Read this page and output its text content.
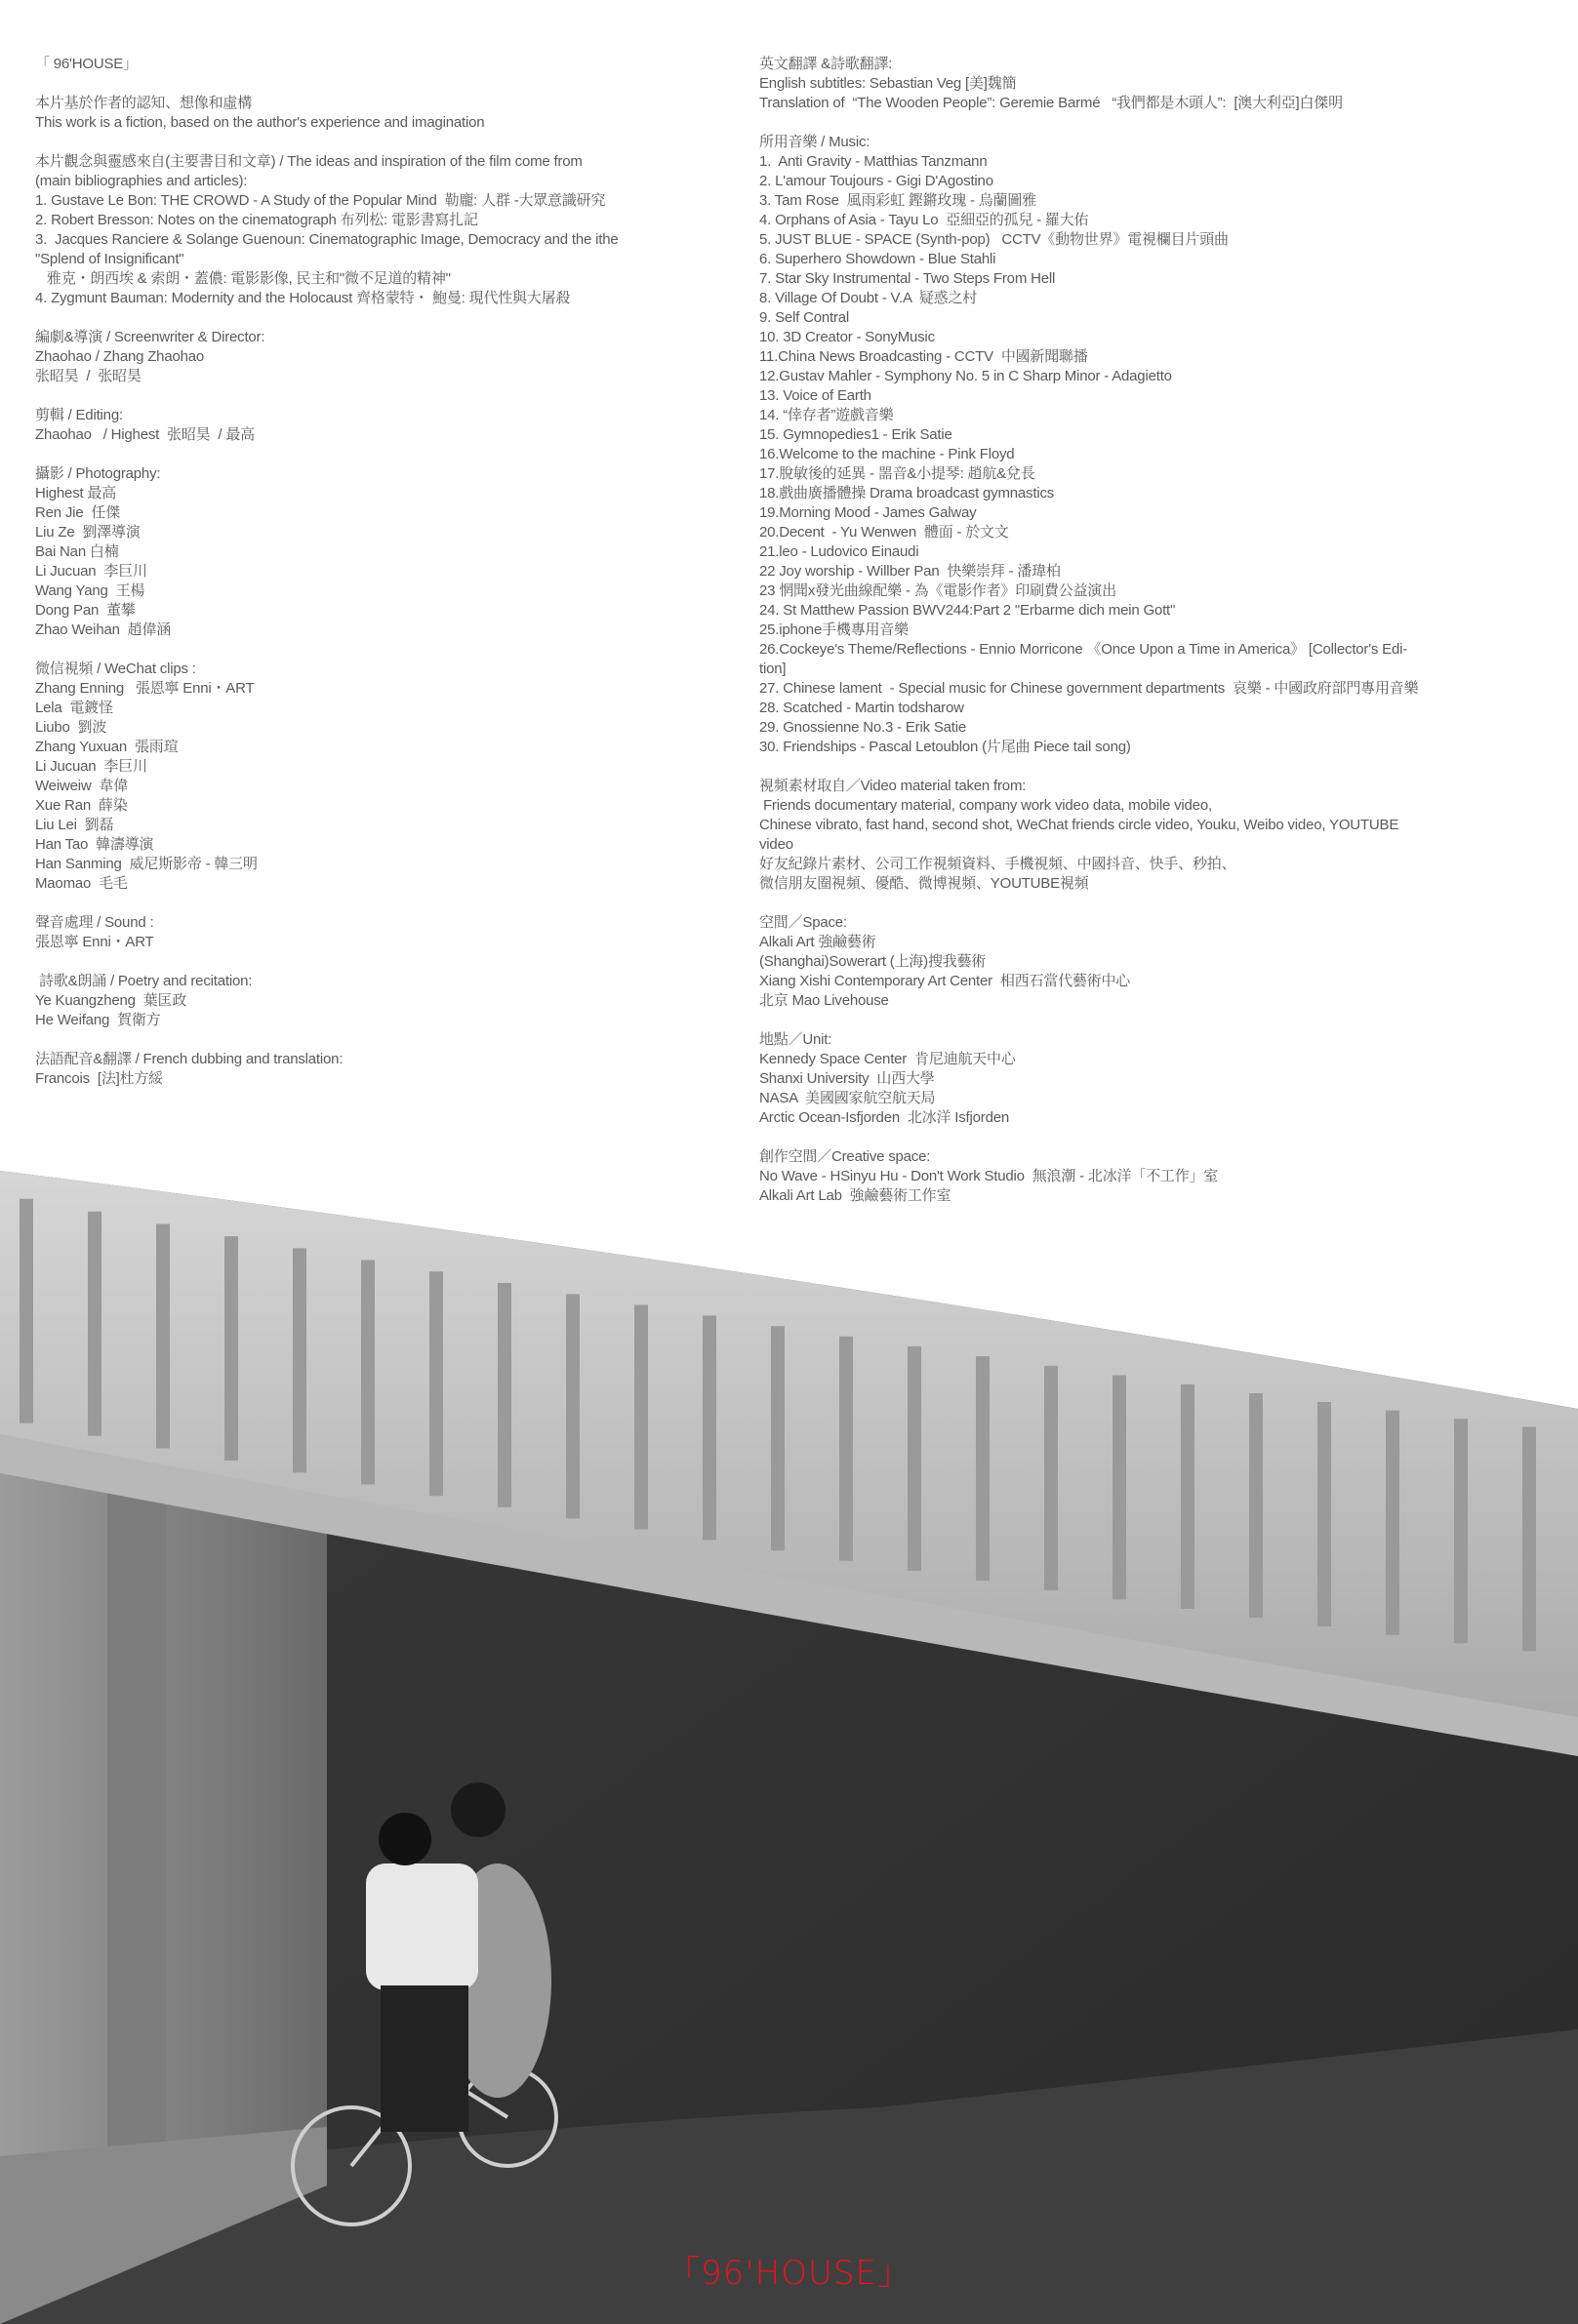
「 96'HOUSE」
本片基於作者的認知、想像和虛構
This work is a fiction, based on the author's experience and imagination
本片觀念與靈感來自(主要書目和文章) / The ideas and inspiration of the film come from
(main bibliographies and articles):
1. Gustave Le Bon: THE CROWD - A Study of the Popular Mind  勒龐: 人群 -大眾意識研究
2. Robert Bresson: Notes on the cinematograph 布列松: 電影書寫扎記
3.  Jacques Ranciere & Solange Guenoun: Cinematographic Image, Democracy and the ithe
"Splend of Insignificant"
雅克・朗西埃 & 索朗・蓋儂: 電影影像, 民主和"微不足道的精神"
4. Zygmunt Bauman: Modernity and the Holocaust 齊格蒙特・ 鮑曼: 現代性與大屠殺
編劇&導演 / Screenwriter & Director:
Zhaohao / Zhang Zhaohao
张昭昊  /  张昭昊
剪輯 / Editing:
Zhaohao   / Highest  张昭昊  / 最高
攝影 / Photography:
Highest 最高
Ren Jie  任傑
Liu Ze  劉澤導演
Bai Nan 白楠
Li Jucuan  李巨川
Wang Yang  王楊
Dong Pan  董攀
Zhao Weihan  趙偉涵
微信視頻 / WeChat clips :
Zhang Enning   張恩寧 Enni・ART
Lela  電鍍怪
Liubo  劉波
Zhang Yuxuan  張雨瑄
Li Jucuan  李巨川
Weiweiw  韋偉
Xue Ran  薛染
Liu Lei  劉磊
Han Tao  韓濤導演
Han Sanming  威尼斯影帝 - 韓三明
Maomao  毛毛
聲音處理 / Sound :
張恩寧 Enni・ART
詩歌&朗誦 / Poetry and recitation:
Ye Kuangzheng  葉匡政
He Weifang  賀衛方
法語配音&翻譯 / French dubbing and translation:
Francois  [法]杜方綏
英文翻譯 &詩歌翻譯:
English subtitles: Sebastian Veg [美]魏簡
Translation of  “The Wooden People”: Geremie Barmé   “我們都是木頭人”:  [澳大利亞]白傑明
所用音樂 / Music:
1.  Anti Gravity - Matthias Tanzmann
2. L'amour Toujours - Gigi D'Agostino
3. Tam Rose  風雨彩虹 鏗鏘玫瑰 - 烏蘭圖雅
4. Orphans of Asia - Tayu Lo  亞細亞的孤兒 - 羅大佑
5. JUST BLUE - SPACE (Synth-pop)   CCTV《動物世界》電視欄目片頭曲
6. Superhero Showdown - Blue Stahli
7. Star Sky Instrumental - Two Steps From Hell
8. Village Of Doubt - V.A  疑惑之村
9. Self Contral
10. 3D Creator - SonyMusic
11.China News Broadcasting - CCTV  中國新聞聯播
12.Gustav Mahler - Symphony No. 5 in C Sharp Minor - Adagietto
13. Voice of Earth
14. “倖存者”遊戲音樂
15. Gymnopedies1 - Erik Satie
16.Welcome to the machine - Pink Floyd
17.脫敏後的延異 - 噐音&小提琴: 趙航&兌長
18.戲曲廣播體操 Drama broadcast gymnastics
19.Morning Mood - James Galway
20.Decent  - Yu Wenwen  體面 - 於文文
21.leo - Ludovico Einaudi
22 Joy worship - Willber Pan  快樂崇拜 - 潘瑋柏
23 惘聞x發光曲線配樂 - 為《電影作者》印刷費公益演出
24. St Matthew Passion BWV244:Part 2 "Erbarme dich mein Gott"
25.iphone手機專用音樂
26.Cockeye's Theme/Reflections - Ennio Morricone 《Once Upon a Time in America》 [Collector's Edi-
tion]
27. Chinese lament  - Special music for Chinese government departments  哀樂 - 中國政府部門專用音樂
28. Scatched - Martin todsharow
29. Gnossienne No.3 - Erik Satie
30. Friendships - Pascal Letoublon (片尾曲 Piece tail song)
視頻素材取自／Video material taken from:
Friends documentary material, company work video data, mobile video,
Chinese vibrato, fast hand, second shot, WeChat friends circle video, Youku, Weibo video, YOUTUBE
video
好友紀錄片素材、公司工作視頻資料、手機視頻、中國抖音、快手、秒拍、
微信朋友圈視頻、優酷、微博視頻、YOUTUBE視頻
空間／Space:
Alkali Art 強鹼藝術
(Shanghai)Sowerart (上海)搜我藝術
Xiang Xishi Contemporary Art Center  相西石當代藝術中心
北京 Mao Livehouse
地點／Unit:
Kennedy Space Center  肯尼迪航天中心
Shanxi University  山西大學
NASA  美國國家航空航天局
Arctic Ocean-Isfjorden  北冰洋 Isfjorden
創作空間／Creative space:
No Wave - HSinyu Hu - Don't Work Studio  無浪潮 - 北冰洋「不工作」室
Alkali Art Lab  強鹼藝術工作室
「96'HOUSE」
